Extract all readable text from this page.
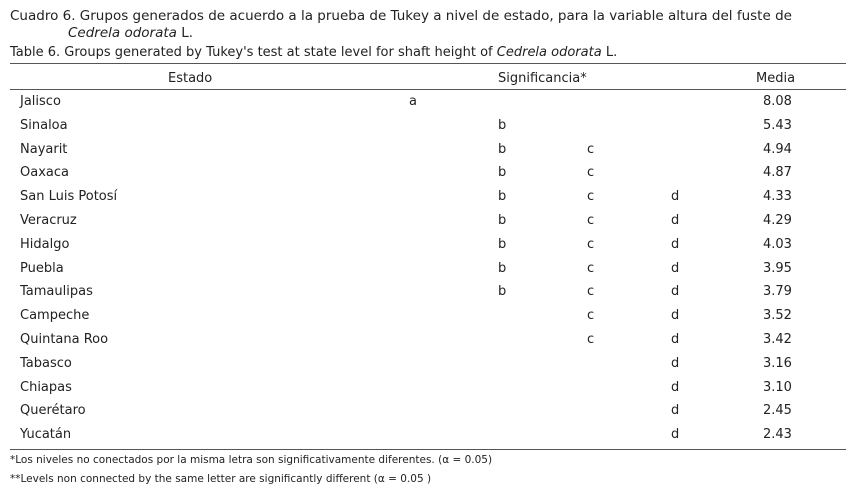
Cuadro 6. Grupos generados de acuerdo a la prueba de Tukey a nivel de estado, para la variable altura del fuste de
Cedrela odorata L.
Table 6. Groups generated by Tukey's test at state level for shaft height of Cedrela odorata L.
Estado	Significancia*	Media
Jalisco	a	8.08
Sinaloa	b	5.43
Nayarit	b	c	4.94
Oaxaca	b	c	4.87
San Luis Potosí	b	c	d	4.33
Veracruz	b	c	d	4.29
Hidalgo	b	c	d	4.03
Puebla	b	c	d	3.95
Tamaulipas	b	c	d	3.79
Campeche	c	d	3.52
Quintana Roo	c	d	3.42
Tabasco	d	3.16
Chiapas	d	3.10
Querétaro	d	2.45
Yucatán	d	2.43
*Los niveles no conectados por la misma letra son significativamente diferentes. (α = 0.05)
**Levels non connected by the same letter are significantly different (α = 0.05 )
